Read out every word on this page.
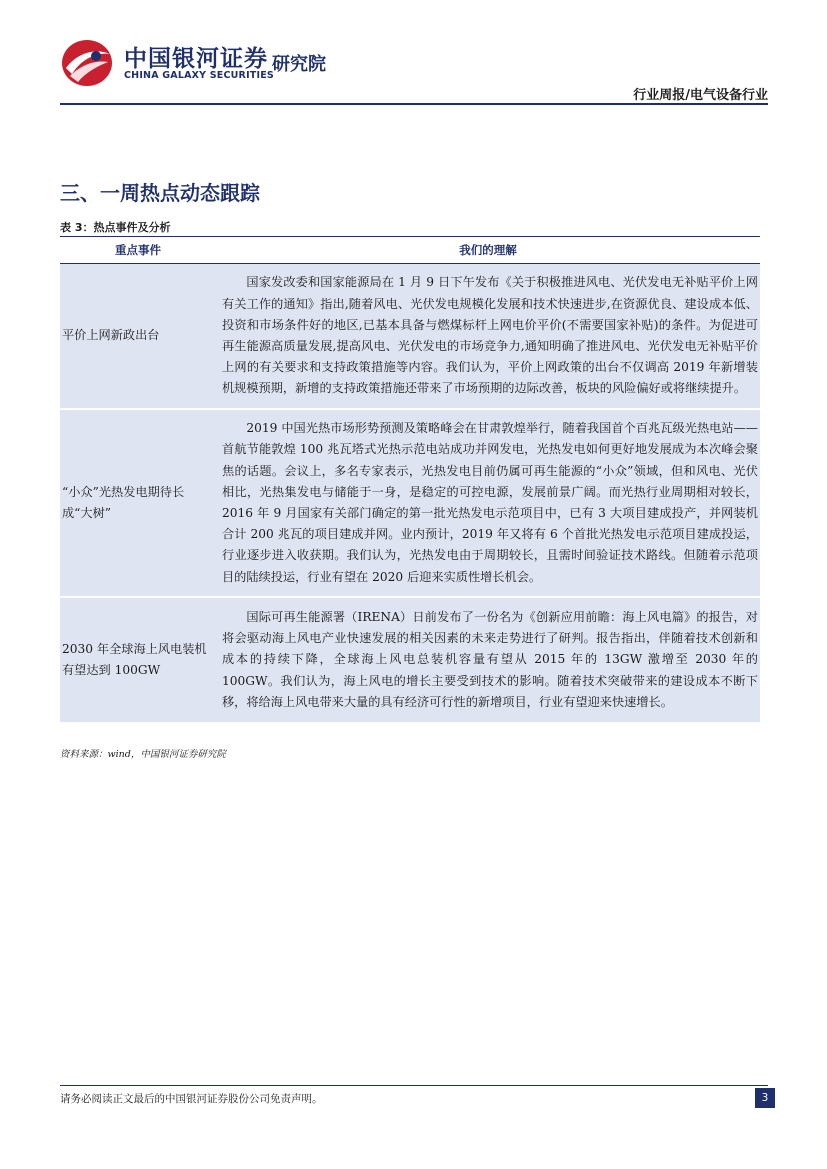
中国银河证券
CHINA GALAXY SECURITIES
研究院
行业周报/电气设备行业
三、一周热点动态跟踪
表 3：热点事件及分析
重点事件	我们的理解
平价上网新政出台	国家发改委和国家能源局在 1 月 9 日下午发布《关于积极推进风电、光伏发电无补贴平价上网有关工作的通知》指出,随着风电、光伏发电规模化发展和技术快速进步,在资源优良、建设成本低、投资和市场条件好的地区,已基本具备与燃煤标杆上网电价平价(不需要国家补贴)的条件。为促进可再生能源高质量发展,提高风电、光伏发电的市场竞争力,通知明确了推进风电、光伏发电无补贴平价上网的有关要求和支持政策措施等内容。我们认为，平价上网政策的出台不仅调高 2019 年新增装机规模预期，新增的支持政策措施还带来了市场预期的边际改善，板块的风险偏好或将继续提升。
“小众”光热发电期待长成“大树”	2019 中国光热市场形势预测及策略峰会在甘肃敦煌举行，随着我国首个百兆瓦级光热电站——首航节能敦煌 100 兆瓦塔式光热示范电站成功并网发电，光热发电如何更好地发展成为本次峰会聚焦的话题。会议上，多名专家表示，光热发电目前仍属可再生能源的“小众”领域，但和风电、光伏相比，光热集发电与储能于一身，是稳定的可控电源，发展前景广阔。而光热行业周期相对较长，2016 年 9 月国家有关部门确定的第一批光热发电示范项目中，已有 3 大项目建成投产，并网装机合计 200 兆瓦的项目建成并网。业内预计，2019 年又将有 6 个首批光热发电示范项目建成投运，行业逐步进入收获期。我们认为，光热发电由于周期较长，且需时间验证技术路线。但随着示范项目的陆续投运，行业有望在 2020 后迎来实质性增长机会。
2030 年全球海上风电装机有望达到 100GW	国际可再生能源署（IRENA）日前发布了一份名为《创新应用前瞻：海上风电篇》的报告，对将会驱动海上风电产业快速发展的相关因素的未来走势进行了研判。报告指出，伴随着技术创新和成本的持续下降，全球海上风电总装机容量有望从 2015 年的 13GW 激增至 2030 年的 100GW。我们认为，海上风电的增长主要受到技术的影响。随着技术突破带来的建设成本不断下移，将给海上风电带来大量的具有经济可行性的新增项目，行业有望迎来快速增长。
资料来源：wind，中国银河证券研究院
请务必阅读正文最后的中国银河证券股份公司免责声明。	3
